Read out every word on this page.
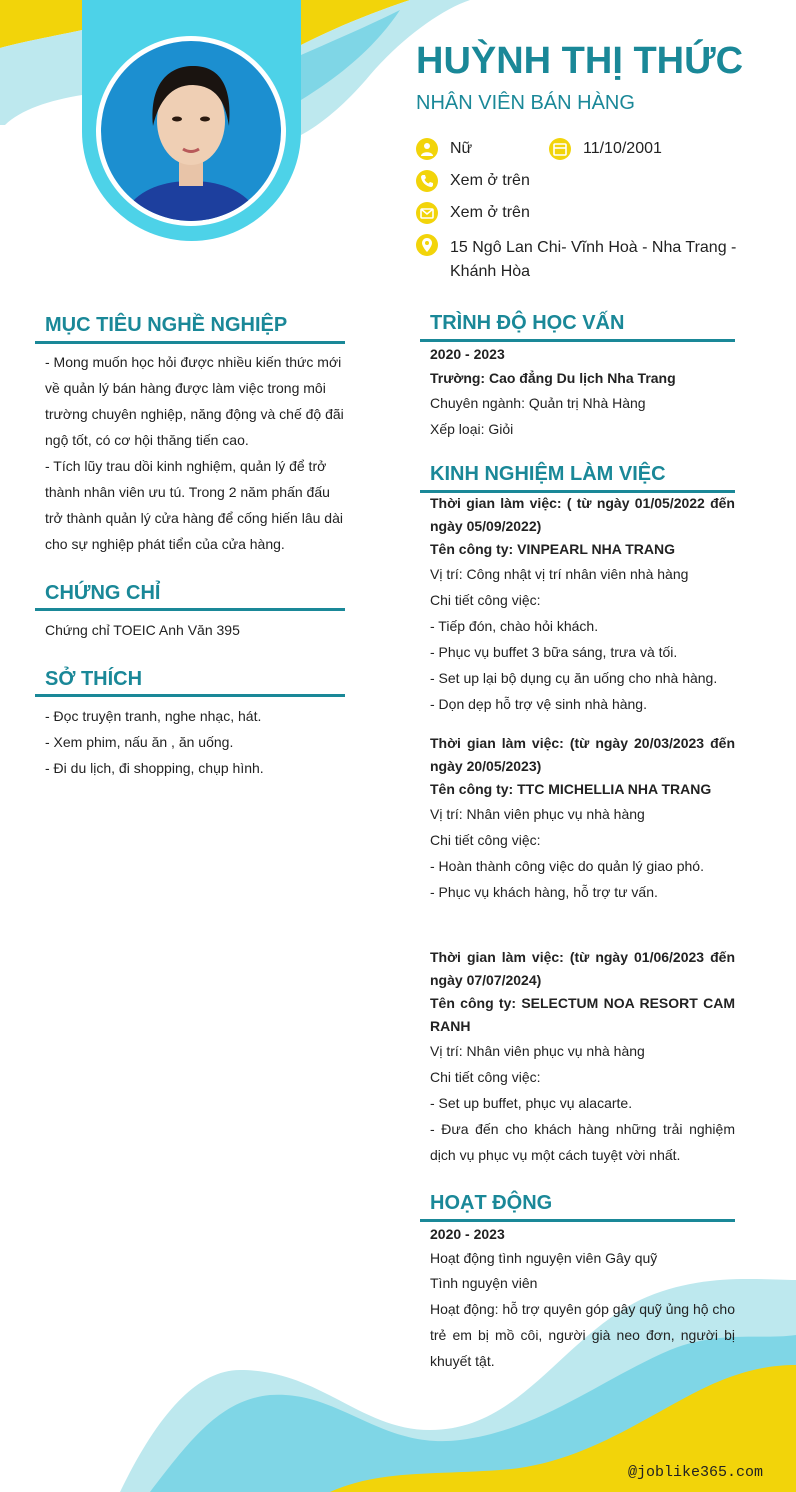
HUỲNH THỊ THỨC
NHÂN VIÊN BÁN HÀNG
Nữ	11/10/2001
Xem ở trên
Xem ở trên
15 Ngô Lan Chi- Vĩnh Hoà - Nha Trang -
Khánh Hòa
MỤC TIÊU NGHỀ NGHIỆP
- Mong muốn học hỏi được nhiều kiến thức mới
về quản lý bán hàng được làm việc trong môi
trường chuyên nghiệp, năng động và chế độ đãi
ngộ tốt, có cơ hội thăng tiến cao.
- Tích lũy trau dồi kinh nghiệm, quản lý để trở
thành nhân viên ưu tú. Trong 2 năm phấn đấu
trở thành quản lý cửa hàng để cống hiến lâu dài
cho sự nghiệp phát tiển của cửa hàng.
CHỨNG CHỈ
Chứng chỉ TOEIC Anh Văn 395
SỞ THÍCH
- Đọc truyện tranh, nghe nhạc, hát.
- Xem phim, nấu ăn , ăn uống.
- Đi du lịch, đi shopping, chụp hình.
TRÌNH ĐỘ HỌC VẤN
2020 - 2023
Trường: Cao đẳng Du lịch Nha Trang
Chuyên ngành: Quản trị Nhà Hàng
Xếp loại: Giỏi
KINH NGHIỆM LÀM VIỆC
Thời gian làm việc: ( từ ngày 01/05/2022 đến
ngày 05/09/2022)
Tên công ty: VINPEARL NHA TRANG
Vị trí: Công nhật vị trí nhân viên nhà hàng
Chi tiết công việc:
- Tiếp đón, chào hỏi khách.
- Phục vụ buffet 3 bữa sáng, trưa và tối.
- Set up lại bộ dụng cụ ăn uống cho nhà hàng.
- Dọn dẹp hỗ trợ vệ sinh nhà hàng.
Thời gian làm việc: (từ ngày 20/03/2023 đến
ngày 20/05/2023)
Tên công ty: TTC MICHELLIA NHA TRANG
Vị trí: Nhân viên phục vụ nhà hàng
Chi tiết công việc:
- Hoàn thành công việc do quản lý giao phó.
- Phục vụ khách hàng, hỗ trợ tư vấn.
Thời gian làm việc: (từ ngày 01/06/2023 đến
ngày 07/07/2024)
Tên công ty: SELECTUM NOA RESORT CAM
RANH
Vị trí: Nhân viên phục vụ nhà hàng
Chi tiết công việc:
- Set up buffet, phục vụ alacarte.
- Đưa đến cho khách hàng những trải nghiệm
dịch vụ phục vụ một cách tuyệt vời nhất.
HOẠT ĐỘNG
2020 - 2023
Hoạt động tình nguyện viên Gây quỹ
Tình nguyện viên
Hoạt động: hỗ trợ quyên góp gây quỹ ủng hộ cho
trẻ em bị mồ côi, người già neo đơn, người bị
khuyết tật.
@joblike365.com
